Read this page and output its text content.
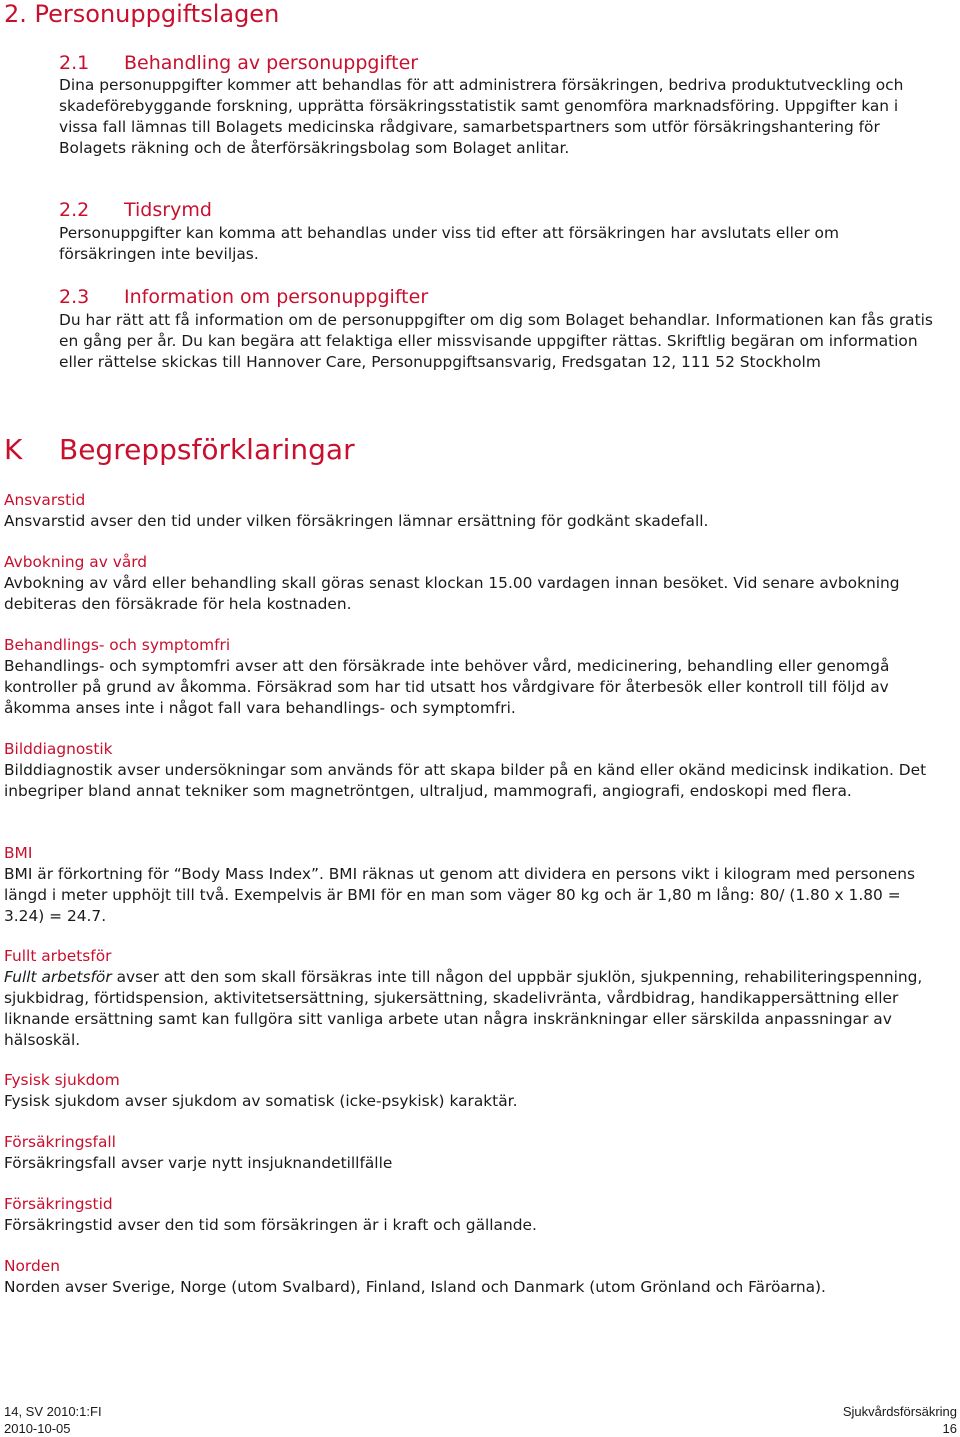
2. Personuppgiftslagen
2.1 Behandling av personuppgifter

Dina personuppgifter kommer att behandlas för att administrera försäkringen, bedriva produktutveckling och skadeförebyggande forskning, upprätta försäkringsstatistik samt genomföra marknadsföring. Uppgifter kan i vissa fall lämnas till Bolagets medicinska rådgivare, samarbetspartners som utför försäkringshantering för Bolagets räkning och de återförsäkringsbolag som Bolaget anlitar.

2.2 Tidsrymd

Personuppgifter kan komma att behandlas under viss tid efter att försäkringen har avslutats eller om försäkringen inte beviljas.

2.3 Information om personuppgifter

Du har rätt att få information om de personuppgifter om dig som Bolaget behandlar. Informationen kan fås gratis en gång per år. Du kan begära att felaktiga eller missvisande uppgifter rättas. Skriftlig begäran om information eller rättelse skickas till Hannover Care, Personuppgiftsansvarig, Fredsgatan 12, 111 52 Stockholm

K Begreppsförklaringar

Ansvarstid

Ansvarstid avser den tid under vilken försäkringen lämnar ersättning för godkänt skadefall.

Avbokning av vård

Avbokning av vård eller behandling skall göras senast klockan 15.00 vardagen innan besöket. Vid senare avbokning debiteras den försäkrade för hela kostnaden.

Behandlings- och symptomfri

Behandlings- och symptomfri avser att den försäkrade inte behöver vård, medicinering, behandling eller genomgå kontroller på grund av åkomma. Försäkrad som har tid utsatt hos vårdgivare för återbesök eller kontroll till följd av åkomma anses inte i något fall vara behandlings- och symptomfri.

Bilddiagnostik

Bilddiagnostik avser undersökningar som används för att skapa bilder på en känd eller okänd medicinsk indikation. Det inbegriper bland annat tekniker som magnetröntgen, ultraljud, mammografi, angiografi, endoskopi med flera.

BMI

BMI är förkortning för “Body Mass Index”. BMI räknas ut genom att dividera en persons vikt i kilogram med personens längd i meter upphöjt till två. Exempelvis är BMI för en man som väger 80 kg och är 1,80 m lång: 80/ (1.80 x 1.80 = 3.24) = 24.7.

Fullt arbetsför

Fullt arbetsför avser att den som skall försäkras inte till någon del uppbär sjuklön, sjukpenning, rehabiliteringspenning, sjukbidrag, förtidspension, aktivitetsersättning, sjukersättning, skadelivränta, vårdbidrag, handikappersättning eller liknande ersättning samt kan fullgöra sitt vanliga arbete utan några inskränkningar eller särskilda anpassningar av hälsoskäl.

Fysisk sjukdom

Fysisk sjukdom avser sjukdom av somatisk (icke-psykisk) karaktär.

Försäkringsfall

Försäkringsfall avser varje nytt insjuknandetillfälle

Försäkringstid

Försäkringstid avser den tid som försäkringen är i kraft och gällande.

Norden

Norden avser Sverige, Norge (utom Svalbard), Finland, Island och Danmark (utom Grönland och Färöarna).

14, SV 2010:1:FI
2010-10-05
Sjukvårdsförsäkring
16
